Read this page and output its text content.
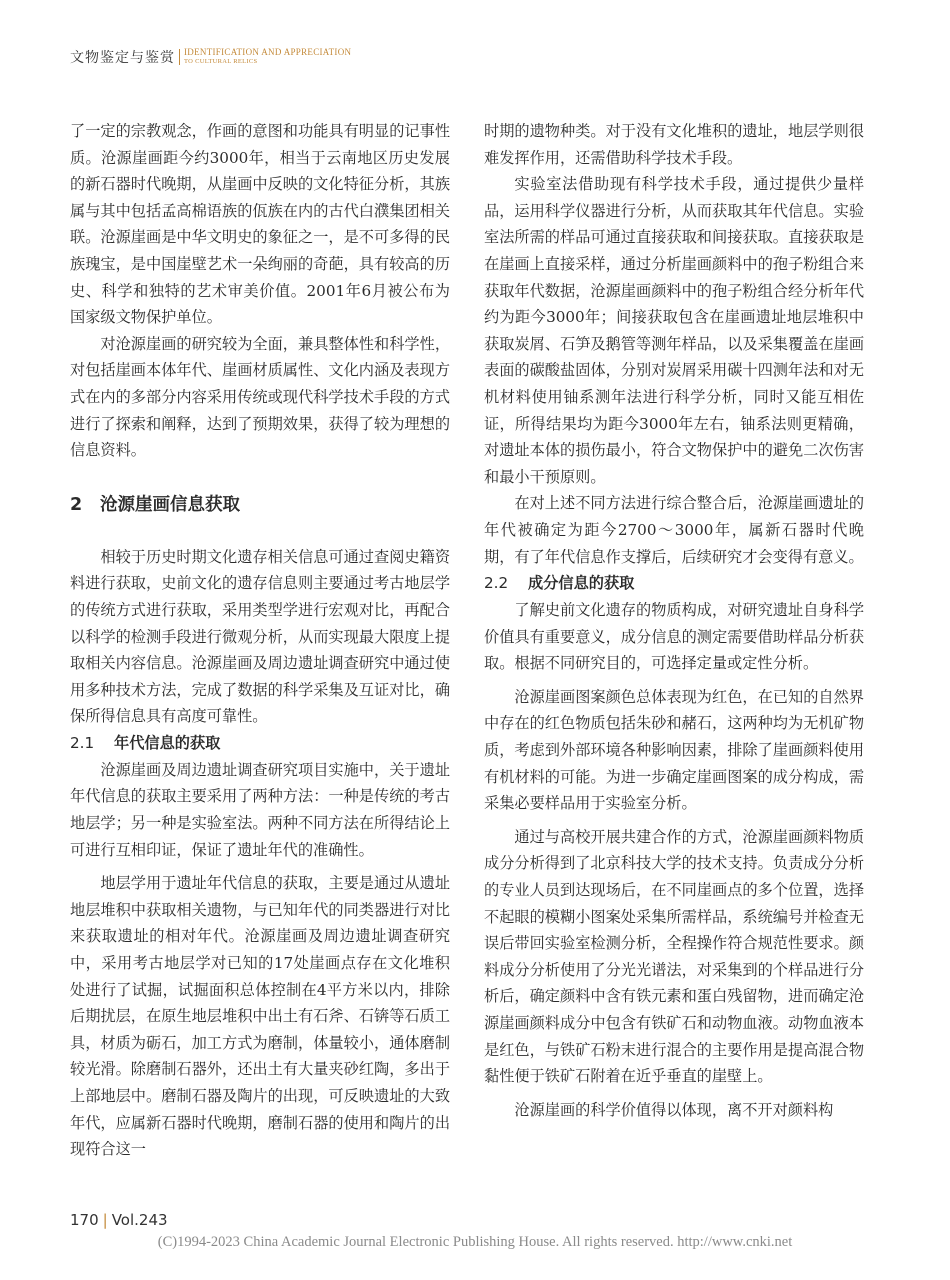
文物鉴定与鉴赏 IDENTIFICATION AND APPRECIATION
TO CULTURAL RELICS

了一定的宗教观念，作画的意图和功能具有明显的记事性质。沧源崖画距今约3000年，相当于云南地区历史发展的新石器时代晚期，从崖画中反映的文化特征分析，其族属与其中包括孟高棉语族的佤族在内的古代白濮集团相关联。沧源崖画是中华文明史的象征之一，是不可多得的民族瑰宝，是中国崖壁艺术一朵绚丽的奇葩，具有较高的历史、科学和独特的艺术审美价值。2001年6月被公布为国家级文物保护单位。

对沧源崖画的研究较为全面，兼具整体性和科学性，对包括崖画本体年代、崖画材质属性、文化内涵及表现方式在内的多部分内容采用传统或现代科学技术手段的方式进行了探索和阐释，达到了预期效果，获得了较为理想的信息资料。

2 沧源崖画信息获取

相较于历史时期文化遗存相关信息可通过查阅史籍资料进行获取，史前文化的遗存信息则主要通过考古地层学的传统方式进行获取，采用类型学进行宏观对比，再配合以科学的检测手段进行微观分析，从而实现最大限度上提取相关内容信息。沧源崖画及周边遗址调查研究中通过使用多种技术方法，完成了数据的科学采集及互证对比，确保所得信息具有高度可靠性。

2.1 年代信息的获取

沧源崖画及周边遗址调查研究项目实施中，关于遗址年代信息的获取主要采用了两种方法：一种是传统的考古地层学；另一种是实验室法。两种不同方法在所得结论上可进行互相印证，保证了遗址年代的准确性。

地层学用于遗址年代信息的获取，主要是通过从遗址地层堆积中获取相关遗物，与已知年代的同类器进行对比来获取遗址的相对年代。沧源崖画及周边遗址调查研究中，采用考古地层学对已知的17处崖画点存在文化堆积处进行了试掘，试掘面积总体控制在4平方米以内，排除后期扰层，在原生地层堆积中出土有石斧、石锛等石质工具，材质为砺石，加工方式为磨制，体量较小，通体磨制较光滑。除磨制石器外，还出土有大量夹砂红陶，多出于上部地层中。磨制石器及陶片的出现，可反映遗址的大致年代，应属新石器时代晚期，磨制石器的使用和陶片的出现符合这一

时期的遗物种类。对于没有文化堆积的遗址，地层学则很难发挥作用，还需借助科学技术手段。

实验室法借助现有科学技术手段，通过提供少量样品，运用科学仪器进行分析，从而获取其年代信息。实验室法所需的样品可通过直接获取和间接获取。直接获取是在崖画上直接采样，通过分析崖画颜料中的孢子粉组合来获取年代数据，沧源崖画颜料中的孢子粉组合经分析年代约为距今3000年；间接获取包含在崖画遗址地层堆积中获取炭屑、石笋及鹅管等测年样品，以及采集覆盖在崖画表面的碳酸盐固体，分别对炭屑采用碳十四测年法和对无机材料使用铀系测年法进行科学分析，同时又能互相佐证，所得结果均为距今3000年左右，铀系法则更精确，对遗址本体的损伤最小，符合文物保护中的避免二次伤害和最小干预原则。

在对上述不同方法进行综合整合后，沧源崖画遗址的年代被确定为距今2700～3000年，属新石器时代晚期，有了年代信息作支撑后，后续研究才会变得有意义。

2.2 成分信息的获取

了解史前文化遗存的物质构成，对研究遗址自身科学价值具有重要意义，成分信息的测定需要借助样品分析获取。根据不同研究目的，可选择定量或定性分析。

沧源崖画图案颜色总体表现为红色，在已知的自然界中存在的红色物质包括朱砂和赭石，这两种均为无机矿物质，考虑到外部环境各种影响因素，排除了崖画颜料使用有机材料的可能。为进一步确定崖画图案的成分构成，需采集必要样品用于实验室分析。

通过与高校开展共建合作的方式，沧源崖画颜料物质成分分析得到了北京科技大学的技术支持。负责成分分析的专业人员到达现场后，在不同崖画点的多个位置，选择不起眼的模糊小图案处采集所需样品，系统编号并检查无误后带回实验室检测分析，全程操作符合规范性要求。颜料成分分析使用了分光光谱法，对采集到的个样品进行分析后，确定颜料中含有铁元素和蛋白残留物，进而确定沧源崖画颜料成分中包含有铁矿石和动物血液。动物血液本是红色，与铁矿石粉末进行混合的主要作用是提高混合物黏性便于铁矿石附着在近乎垂直的崖壁上。

沧源崖画的科学价值得以体现，离不开对颜料构

170 | Vol.243
(C)1994-2023 China Academic Journal Electronic Publishing House. All rights reserved. http://www.cnki.net
